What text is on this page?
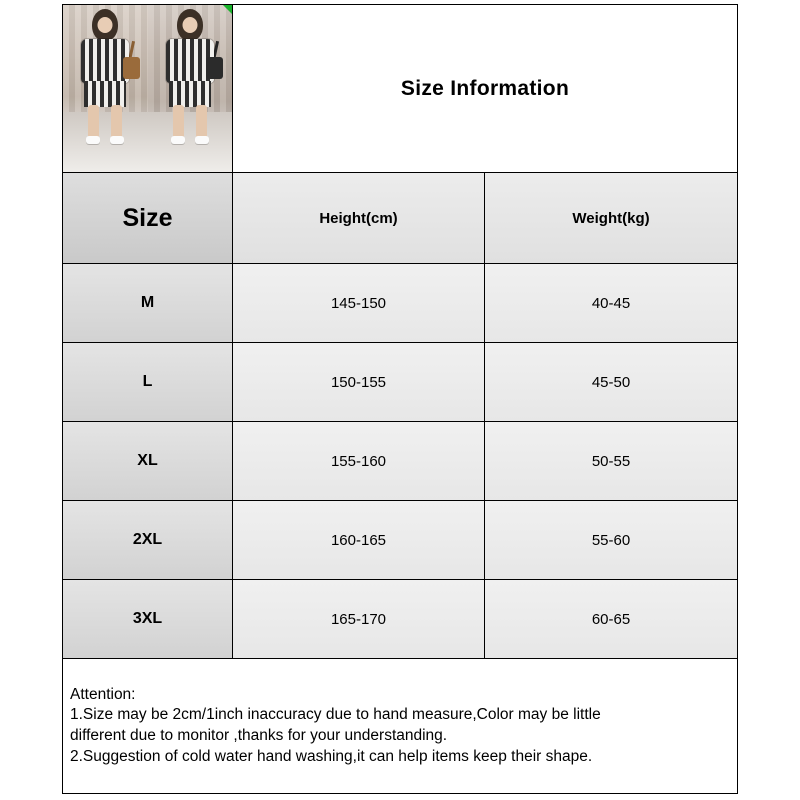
Size Information
Size	Height(cm)	Weight(kg)
M	145-150	40-45
L	150-155	45-50
XL	155-160	50-55
2XL	160-165	55-60
3XL	165-170	60-65
Attention:
1.Size may be 2cm/1inch inaccuracy due to hand measure,Color may be little
different due to monitor ,thanks for your understanding.
2.Suggestion of cold water hand washing,it can help items keep their shape.
